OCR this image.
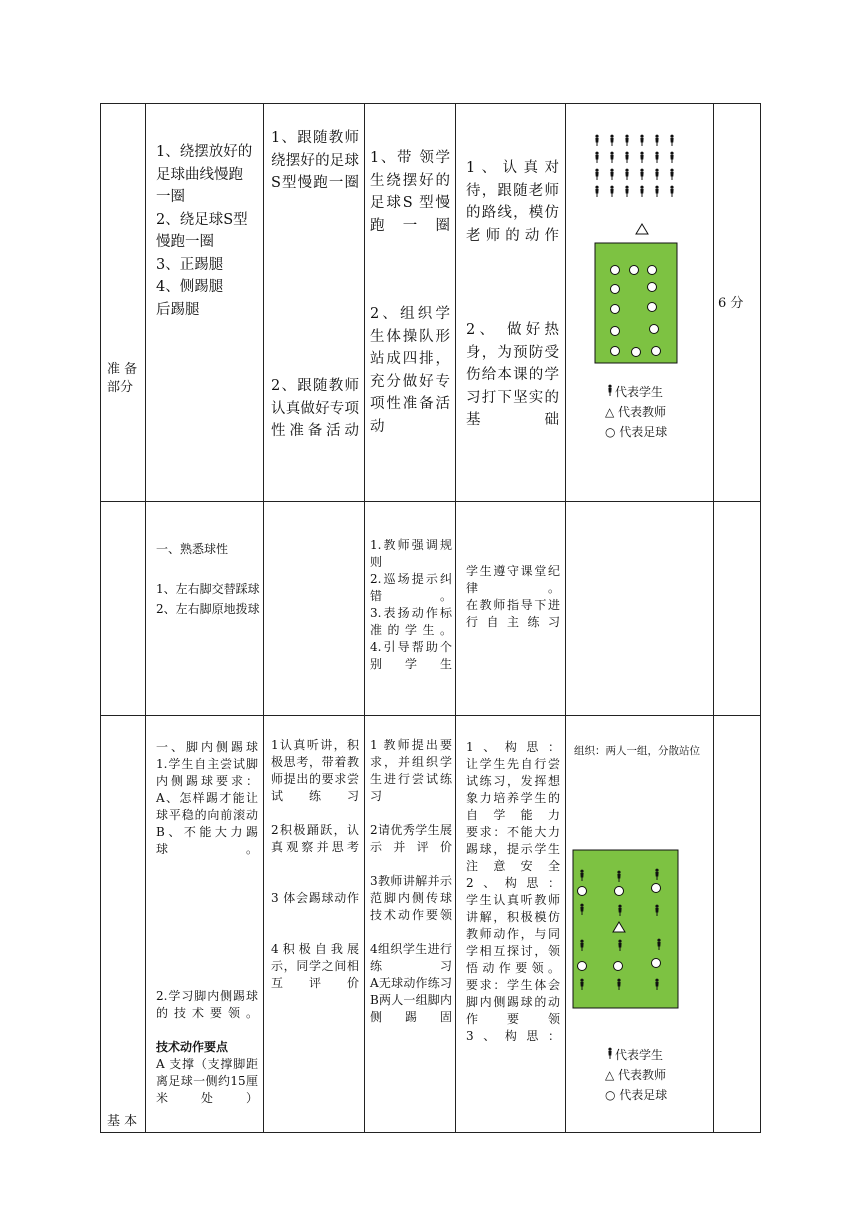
准 备
部分
基 本
1、绕摆放好的足球曲线慢跑一圈
2、绕足球S型慢跑一圈
3、正踢腿
4、侧踢腿
后踢腿
1、跟随教师绕摆好的足球S型慢跑一圈
2、跟随教师认真做好专项性准备活动
1、带 领学生绕摆好的足球S 型慢跑一圈
2、组织学生体操队形站成四排，充分做好专项性准备活动
1、认真对待，跟随老师的路线，模仿老师的动作
2、 做好热身，为预防受伤给本课的学习打下坚实的基础
6 分
代表学生
△ 代表教师
○ 代表足球
一、熟悉球性
1、左右脚交替踩球
2、左右脚原地拨球
1.教师强调规则
2.巡场提示纠错。
3.表扬动作标准的学生。
4.引导帮助个别学生
学生遵守课堂纪律。
在教师指导下进行自主练习
一、脚内侧踢球
1.学生自主尝试脚内侧踢球要求：
A、怎样踢才能让球平稳的向前滚动
B、不能大力踢球。
2.学习脚内侧踢球的技术要领。
技术动作要点
A 支撑（支撑脚距离足球一侧约15厘米处）
1认真听讲，积极思考，带着教师提出的要求尝试练习

2积极踊跃，认真观察并思考

3 体会踢球动作

4积极自我展示，同学之间相互评价
1 教师提出要求，并组织学生进行尝试练习

2请优秀学生展示并评价

3教师讲解并示范脚内侧传球技术动作要领

4组织学生进行练习
A无球动作练习
B两人一组脚内侧踢固
1、构思：
让学生先自行尝试练习，发挥想象力培养学生的自学能力
要求：不能大力踢球，提示学生注意安全
2、构思：
学生认真听教师讲解，积极模仿教师动作，与同学相互探讨，领悟动作要领。
要求：学生体会脚内侧踢球的动作要领
3、构思：
组织：两人一组，分散站位
代表学生
△ 代表教师
○ 代表足球
